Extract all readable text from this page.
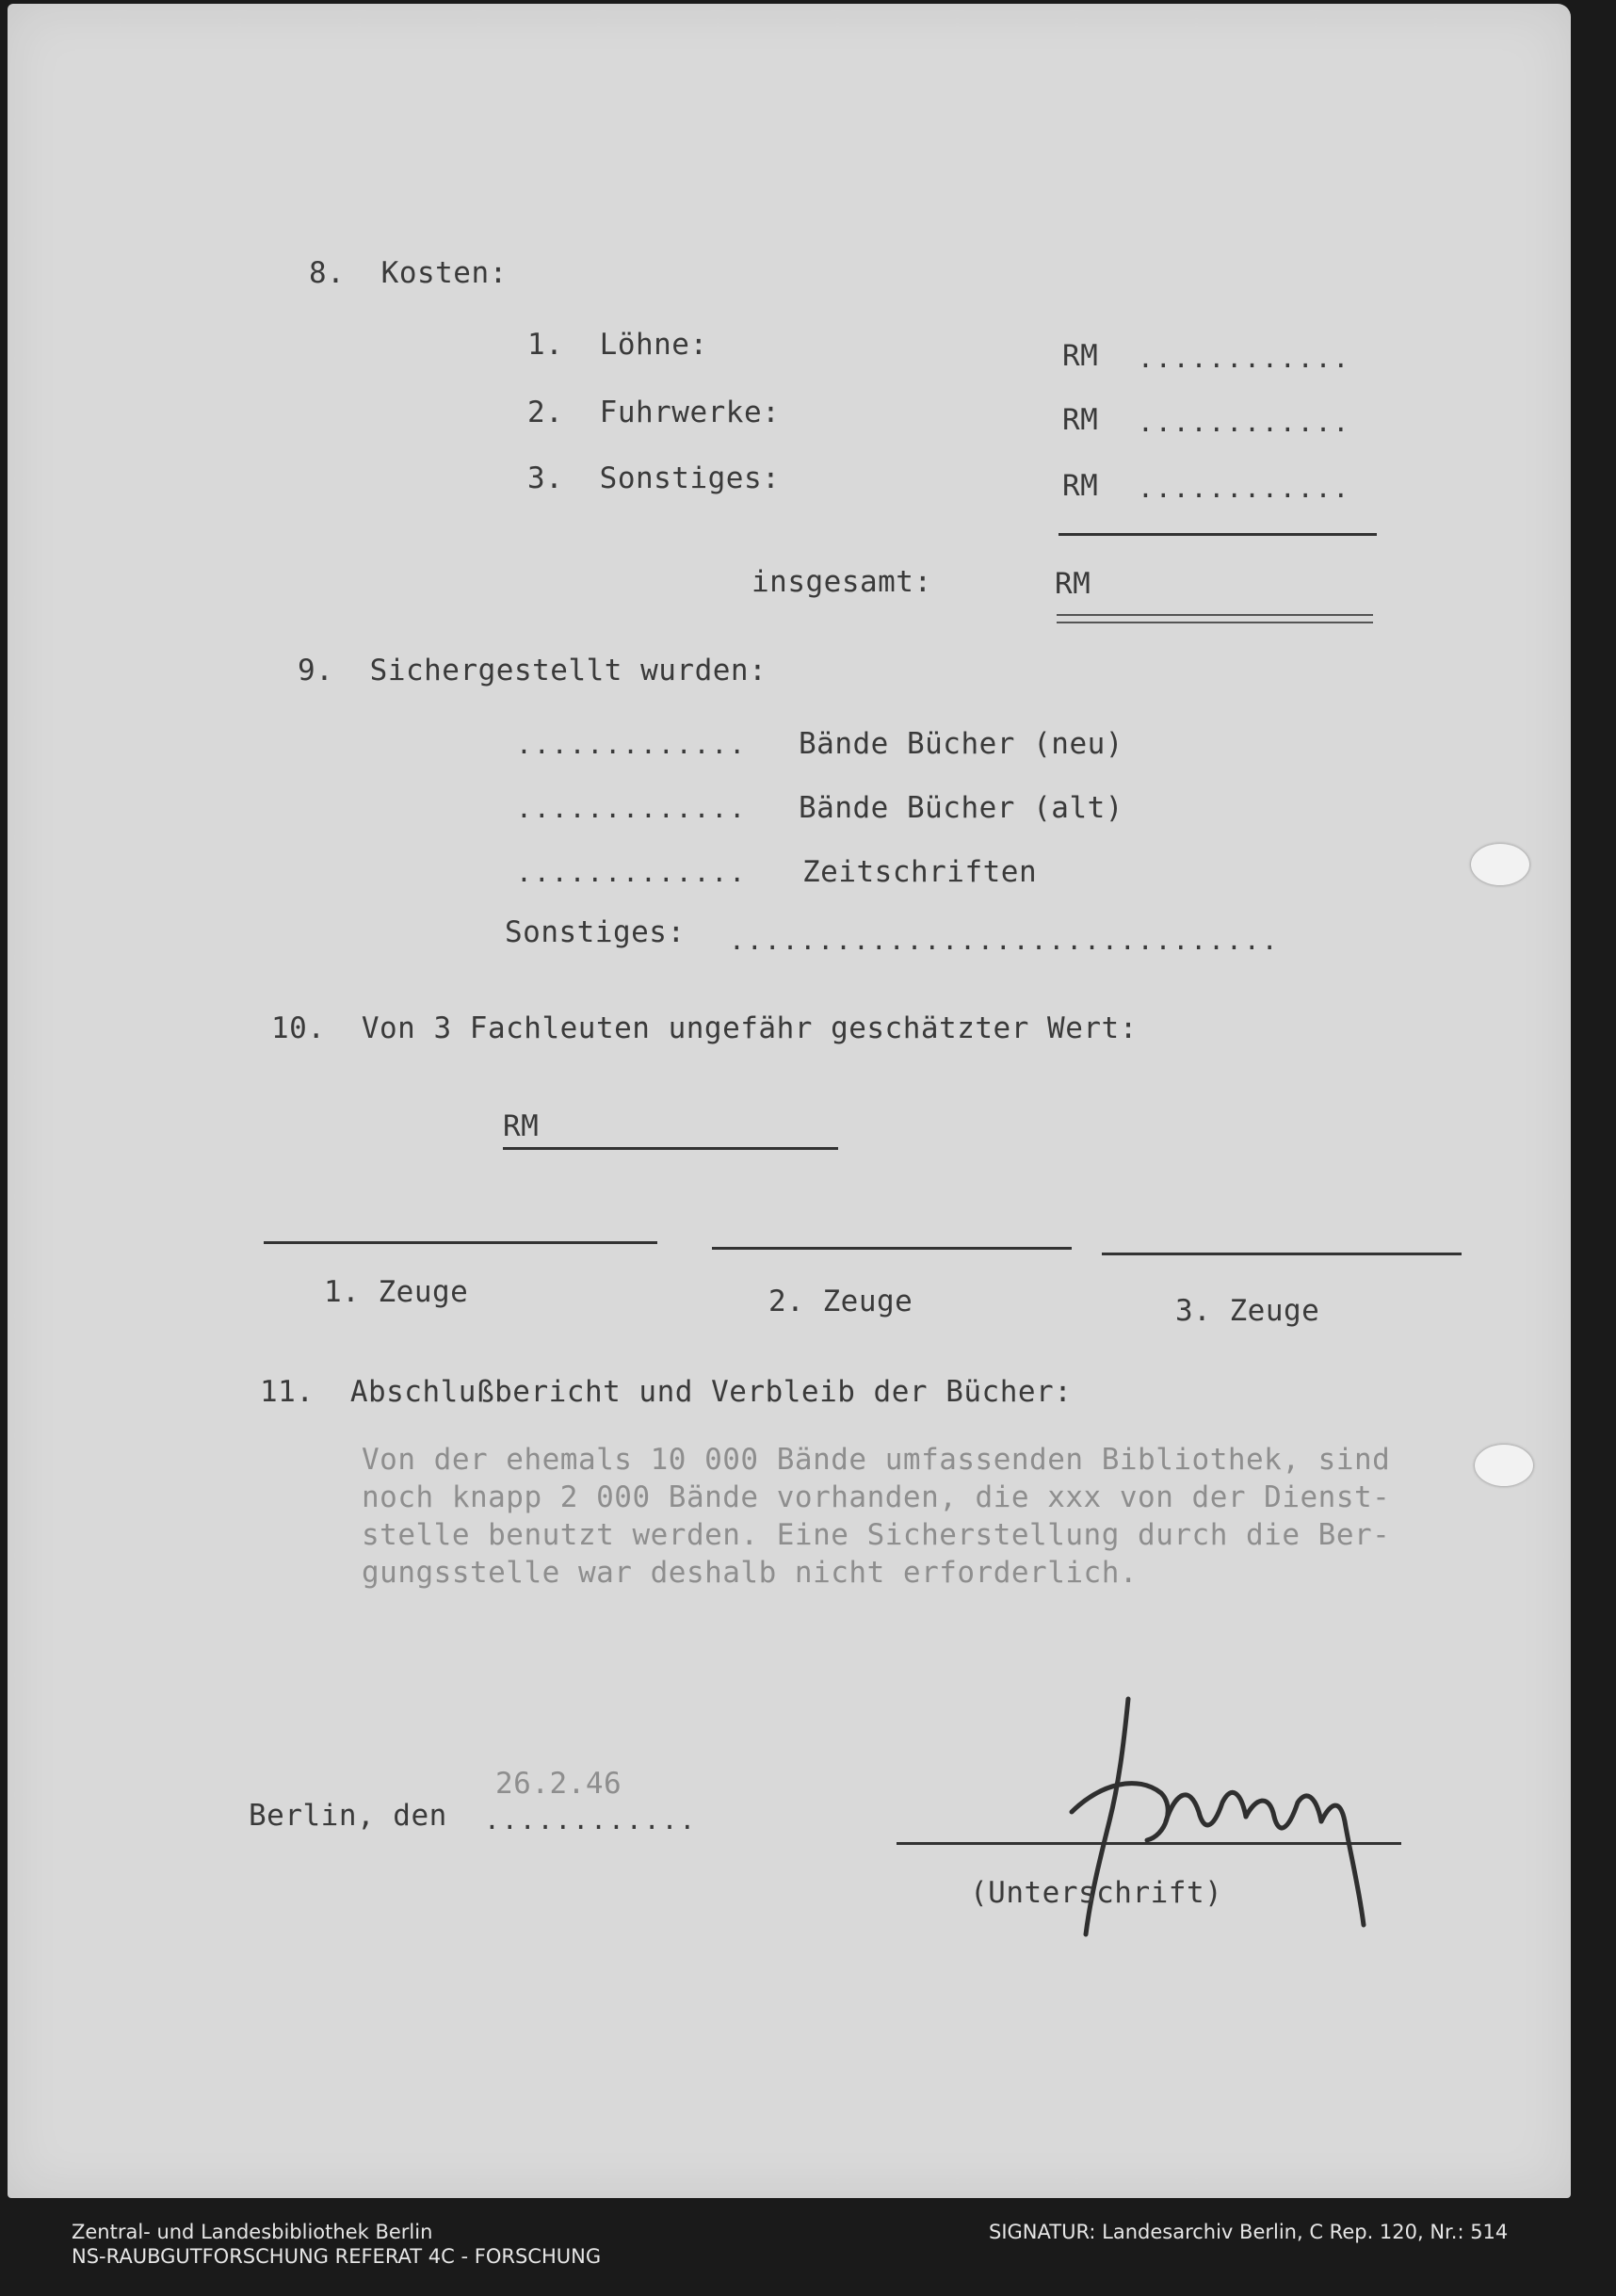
8.  Kosten:
1.  Löhne:	RM ............
2.  Fuhrwerke:	RM ............
3.  Sonstiges:	RM ............
insgesamt:	RM
9.  Sichergestellt wurden:
............. Bände Bücher (neu)
............. Bände Bücher (alt)
............. Zeitschriften
Sonstiges: ...............................
10.  Von 3 Fachleuten ungefähr geschätzter Wert:
RM
1. Zeuge	2. Zeuge	3. Zeuge
11.  Abschlußbericht und Verbleib der Bücher:
Von der ehemals 10 000 Bände umfassenden Bibliothek, sind
noch knapp 2 000 Bände vorhanden, die xxx von der Dienst-
stelle benutzt werden. Eine Sicherstellung durch die Ber-
gungsstelle war deshalb nicht erforderlich.
26.2.46
Berlin, den ............
(Unterschrift)
Zentral- und Landesbibliothek Berlin
NS-RAUBGUTFORSCHUNG REFERAT 4C - FORSCHUNG
SIGNATUR: Landesarchiv Berlin, C Rep. 120, Nr.: 514
